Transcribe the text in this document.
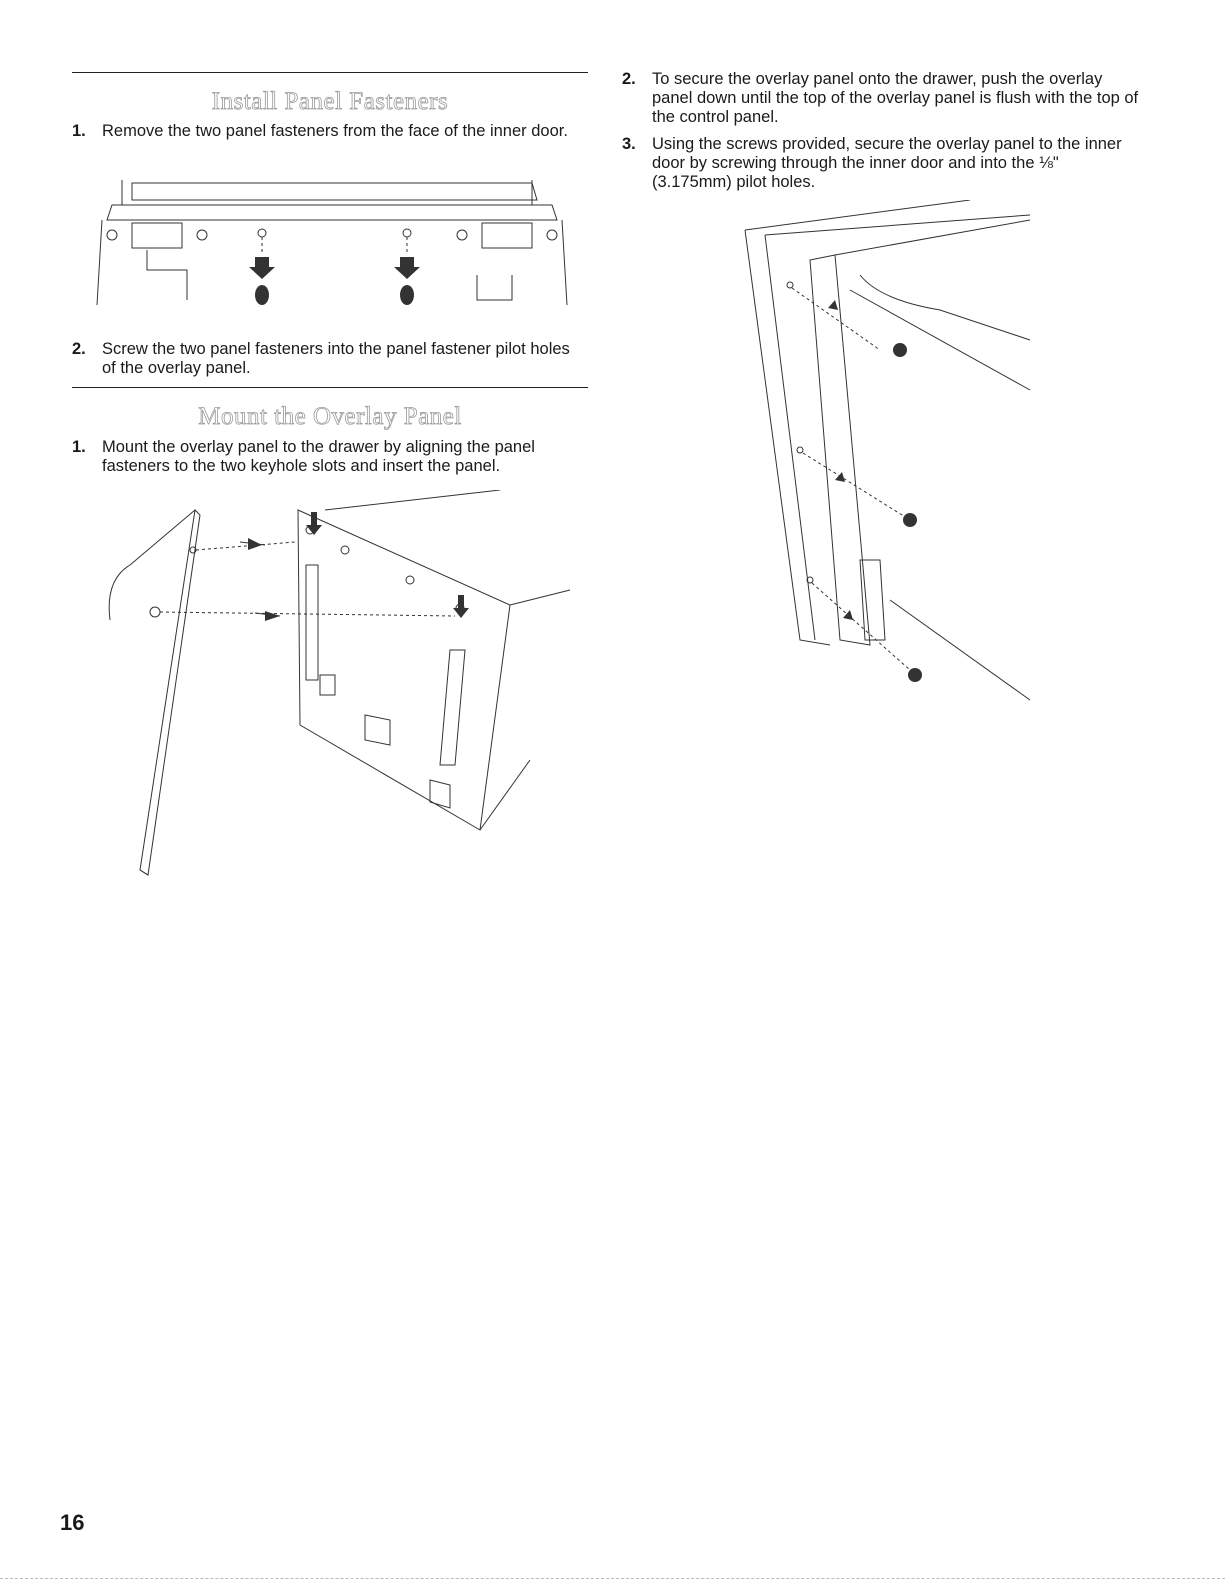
Install Panel Fasteners
1. Remove the two panel fasteners from the face of the inner door.
2. Screw the two panel fasteners into the panel fastener pilot holes of the overlay panel.
Mount the Overlay Panel
1. Mount the overlay panel to the drawer by aligning the panel fasteners to the two keyhole slots and insert the panel.
2. To secure the overlay panel onto the drawer, push the overlay panel down until the top of the overlay panel is flush with the top of the control panel.
3. Using the screws provided, secure the overlay panel to the inner door by screwing through the inner door and into the ⅛" (3.175mm) pilot holes.
16
